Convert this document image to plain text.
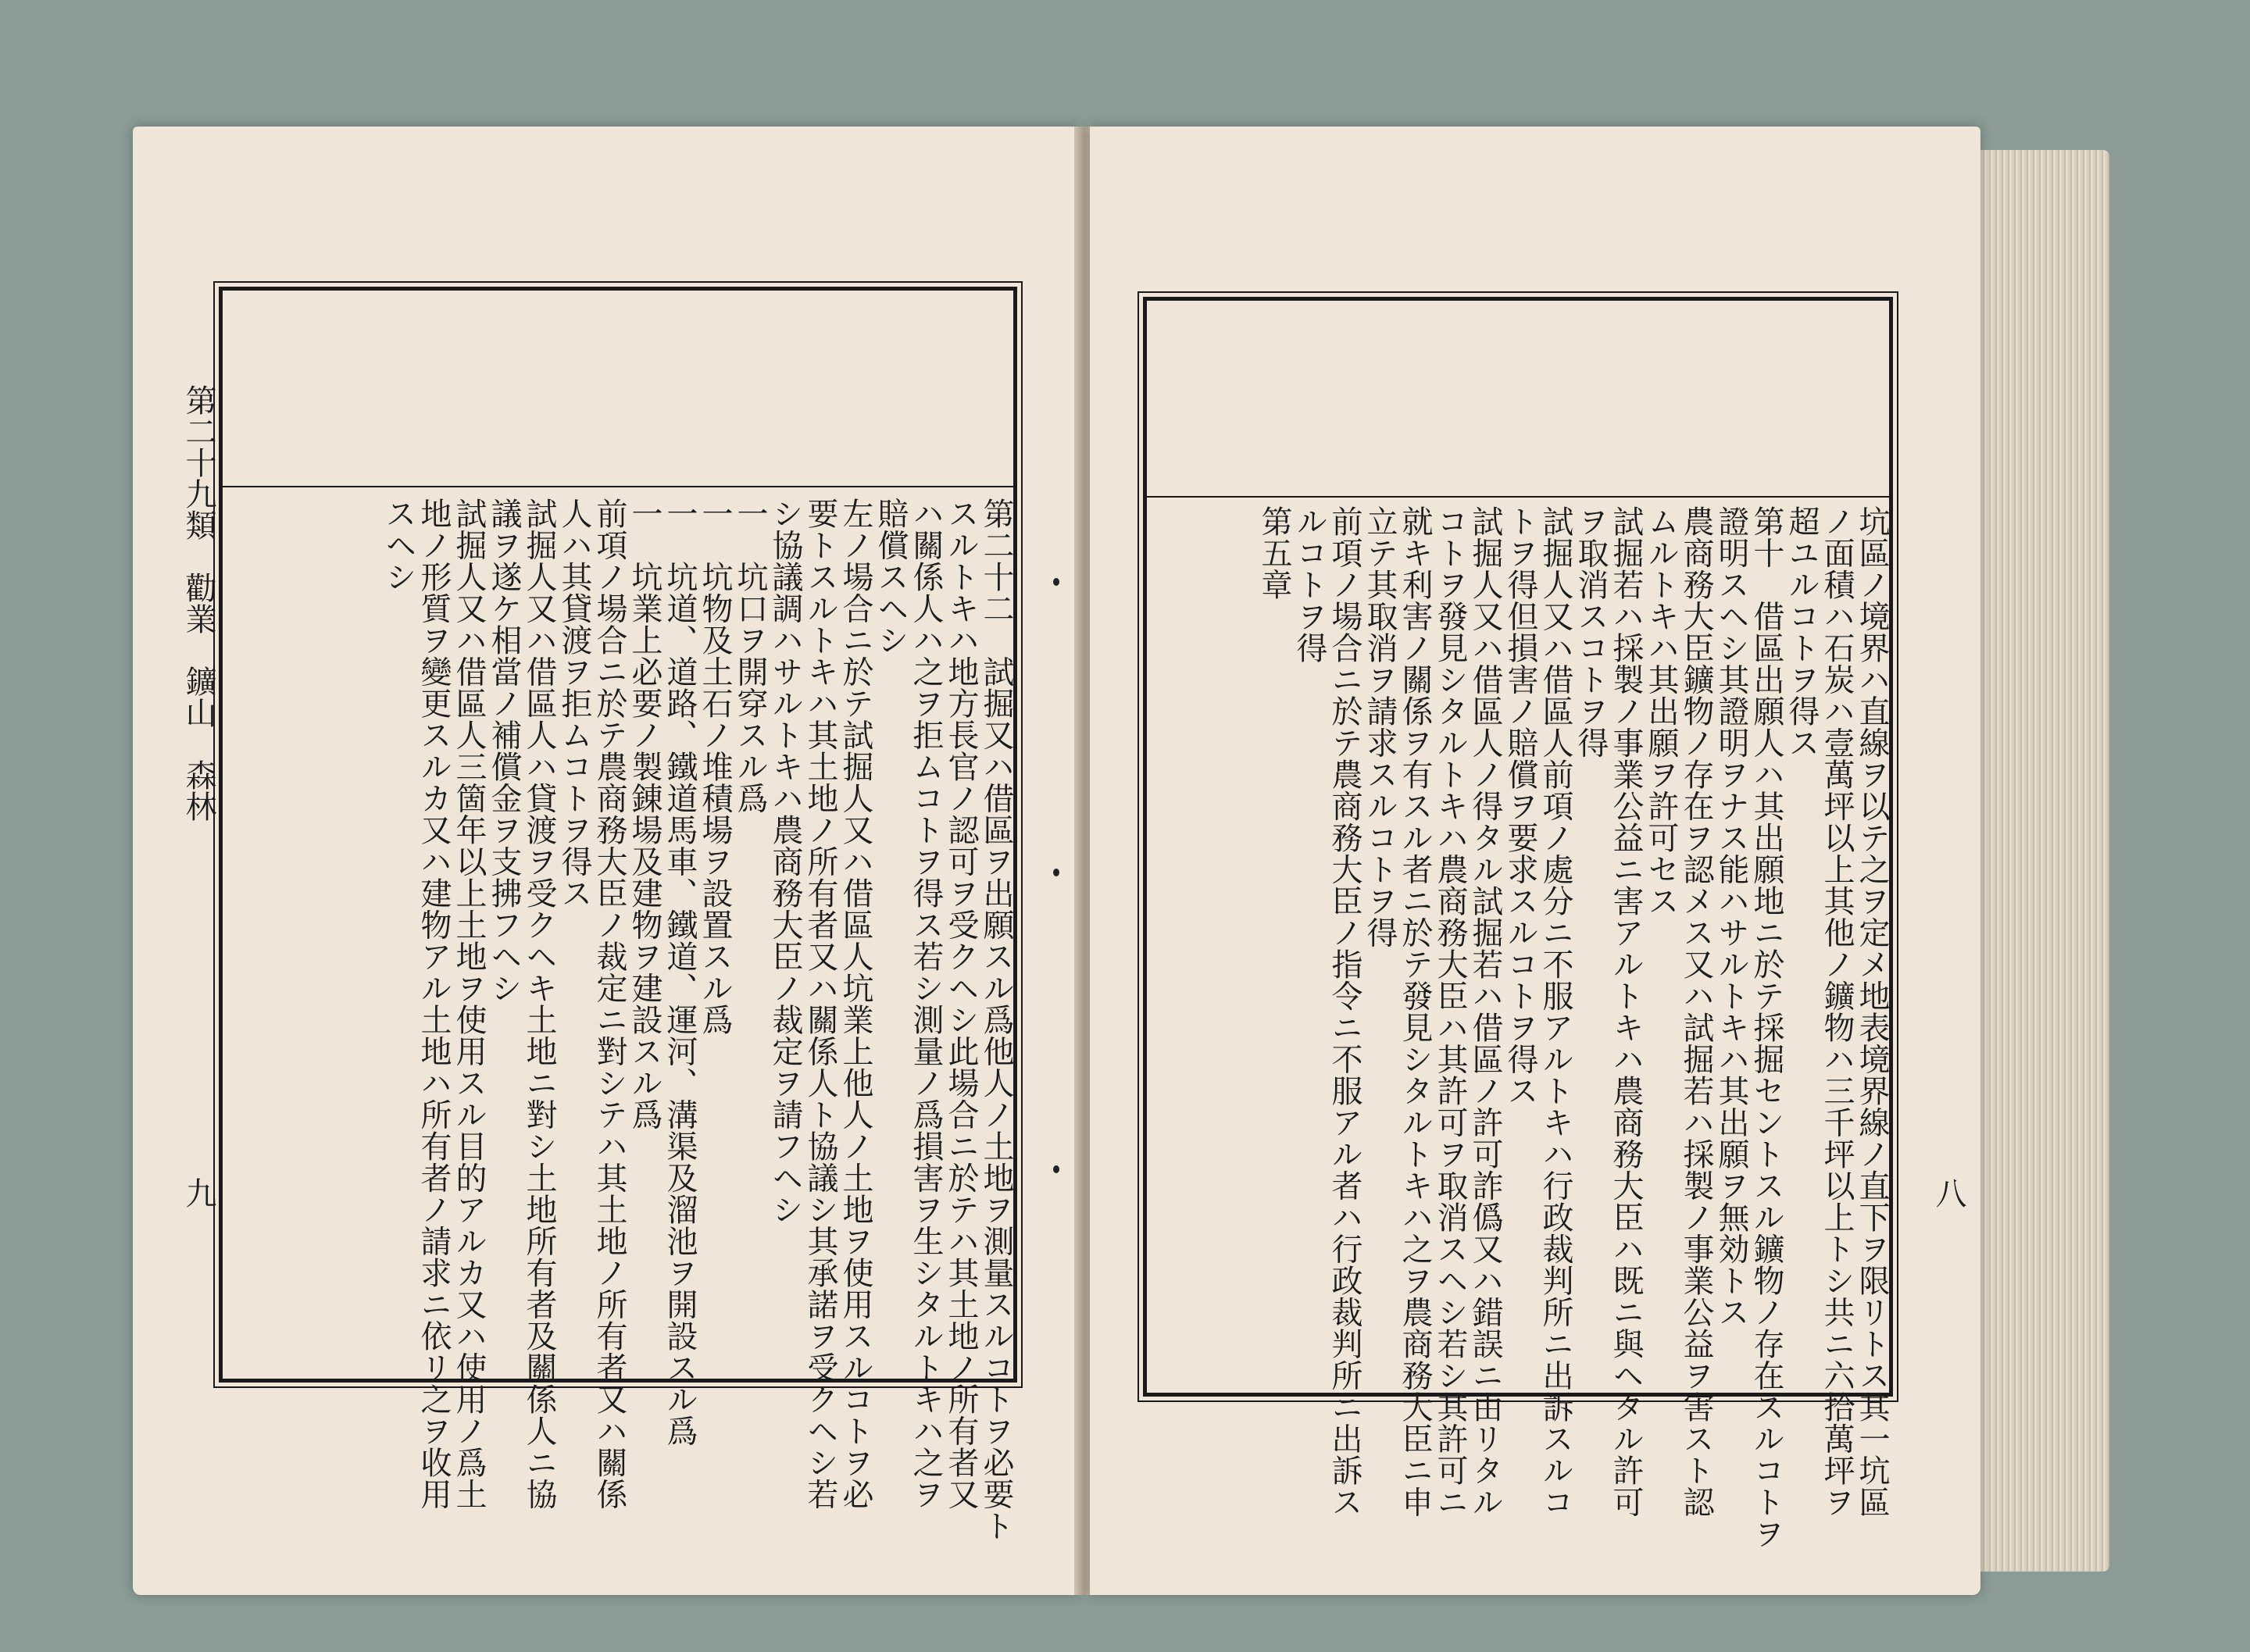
第二十九類　勸業　鑛山　森林
九	第二十二　試掘又ハ借區ヲ出願スル爲他人ノ土地ヲ測量スルコトヲ必要ト

スルトキハ地方長官ノ認可ヲ受クヘシ此場合ニ於テハ其土地ノ所有者又

ハ關係人ハ之ヲ拒ムコトヲ得ス若シ測量ノ爲損害ヲ生シタルトキハ之ヲ

賠償スヘシ

左ノ場合ニ於テ試掘人又ハ借區人坑業上他人ノ土地ヲ使用スルコトヲ必

要トスルトキハ其土地ノ所有者又ハ關係人ト協議シ其承諾ヲ受クヘシ若

シ協議調ハサルトキハ農商務大臣ノ裁定ヲ請フヘシ

一　坑口ヲ開穿スル爲

一　坑物及土石ノ堆積場ヲ設置スル爲

一　坑道、道路、鐵道馬車、鐵道、運河、溝渠及溜池ヲ開設スル爲

一　坑業上必要ノ製錬場及建物ヲ建設スル爲

前項ノ場合ニ於テ農商務大臣ノ裁定ニ對シテハ其土地ノ所有者又ハ關係

人ハ其貸渡ヲ拒ムコトヲ得ス

試掘人又ハ借區人ハ貸渡ヲ受クヘキ土地ニ對シ土地所有者及關係人ニ協

議ヲ遂ケ相當ノ補償金ヲ支拂フヘシ

試掘人又ハ借區人三箇年以上土地ヲ使用スル目的アルカ又ハ使用ノ爲土

地ノ形質ヲ變更スルカ又ハ建物アル土地ハ所有者ノ請求ニ依リ之ヲ收用

スヘシ

八

坑區ノ境界ハ直線ヲ以テ之ヲ定メ地表境界線ノ直下ヲ限リトス其一坑區

ノ面積ハ石炭ハ壹萬坪以上其他ノ鑛物ハ三千坪以上トシ共ニ六拾萬坪ヲ

超ユルコトヲ得ス

第十　借區出願人ハ其出願地ニ於テ採掘セントスル鑛物ノ存在スルコトヲ

證明スヘシ其證明ヲナス能ハサルトキハ其出願ヲ無効トス

農商務大臣鑛物ノ存在ヲ認メス又ハ試掘若ハ採製ノ事業公益ヲ害スト認

ムルトキハ其出願ヲ許可セス

試掘若ハ採製ノ事業公益ニ害アルトキハ農商務大臣ハ既ニ與ヘタル許可

ヲ取消スコトヲ得

試掘人又ハ借區人前項ノ處分ニ不服アルトキハ行政裁判所ニ出訴スルコ

トヲ得但損害ノ賠償ヲ要求スルコトヲ得ス

試掘人又ハ借區人ノ得タル試掘若ハ借區ノ許可詐僞又ハ錯誤ニ由リタル

コトヲ發見シタルトキハ農商務大臣ハ其許可ヲ取消スヘシ若シ其許可ニ

就キ利害ノ關係ヲ有スル者ニ於テ發見シタルトキハ之ヲ農商務大臣ニ申

立テ其取消ヲ請求スルコトヲ得

前項ノ場合ニ於テ農商務大臣ノ指令ニ不服アル者ハ行政裁判所ニ出訴ス

ルコトヲ得

第五章
